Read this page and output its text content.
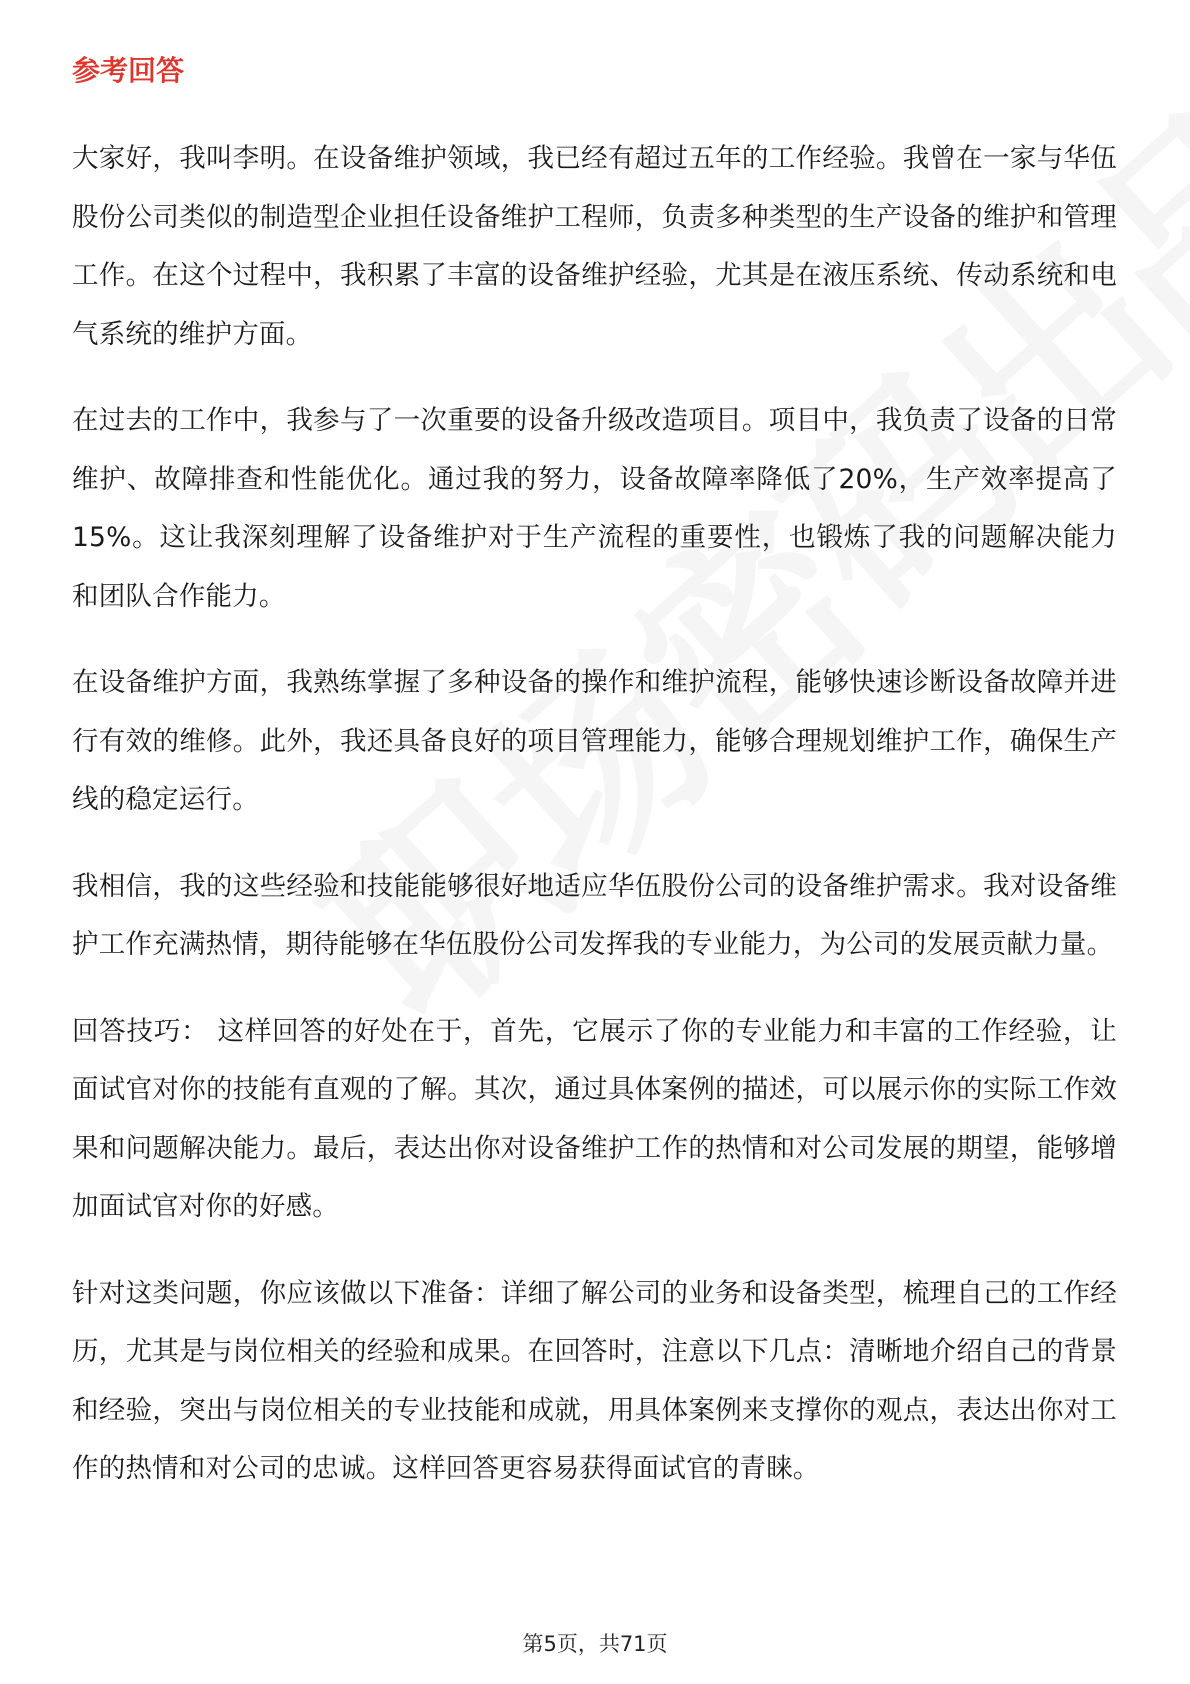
参考回答

大家好，我叫李明。在设备维护领域，我已经有超过五年的工作经验。我曾在一家与华伍股份公司类似的制造型企业担任设备维护工程师，负责多种类型的生产设备的维护和管理工作。在这个过程中，我积累了丰富的设备维护经验，尤其是在液压系统、传动系统和电气系统的维护方面。

在过去的工作中，我参与了一次重要的设备升级改造项目。项目中，我负责了设备的日常维护、故障排查和性能优化。通过我的努力，设备故障率降低了20%，生产效率提高了15%。这让我深刻理解了设备维护对于生产流程的重要性，也锻炼了我的问题解决能力和团队合作能力。

在设备维护方面，我熟练掌握了多种设备的操作和维护流程，能够快速诊断设备故障并进行有效的维修。此外，我还具备良好的项目管理能力，能够合理规划维护工作，确保生产线的稳定运行。

我相信，我的这些经验和技能能够很好地适应华伍股份公司的设备维护需求。我对设备维护工作充满热情，期待能够在华伍股份公司发挥我的专业能力，为公司的发展贡献力量。

回答技巧： 这样回答的好处在于，首先，它展示了你的专业能力和丰富的工作经验，让面试官对你的技能有直观的了解。其次，通过具体案例的描述，可以展示你的实际工作效果和问题解决能力。最后，表达出你对设备维护工作的热情和对公司发展的期望，能够增加面试官对你的好感。

针对这类问题，你应该做以下准备：详细了解公司的业务和设备类型，梳理自己的工作经历，尤其是与岗位相关的经验和成果。在回答时，注意以下几点：清晰地介绍自己的背景和经验，突出与岗位相关的专业技能和成就，用具体案例来支撑你的观点，表达出你对工作的热情和对公司的忠诚。这样回答更容易获得面试官的青睐。

第5页，共71页
